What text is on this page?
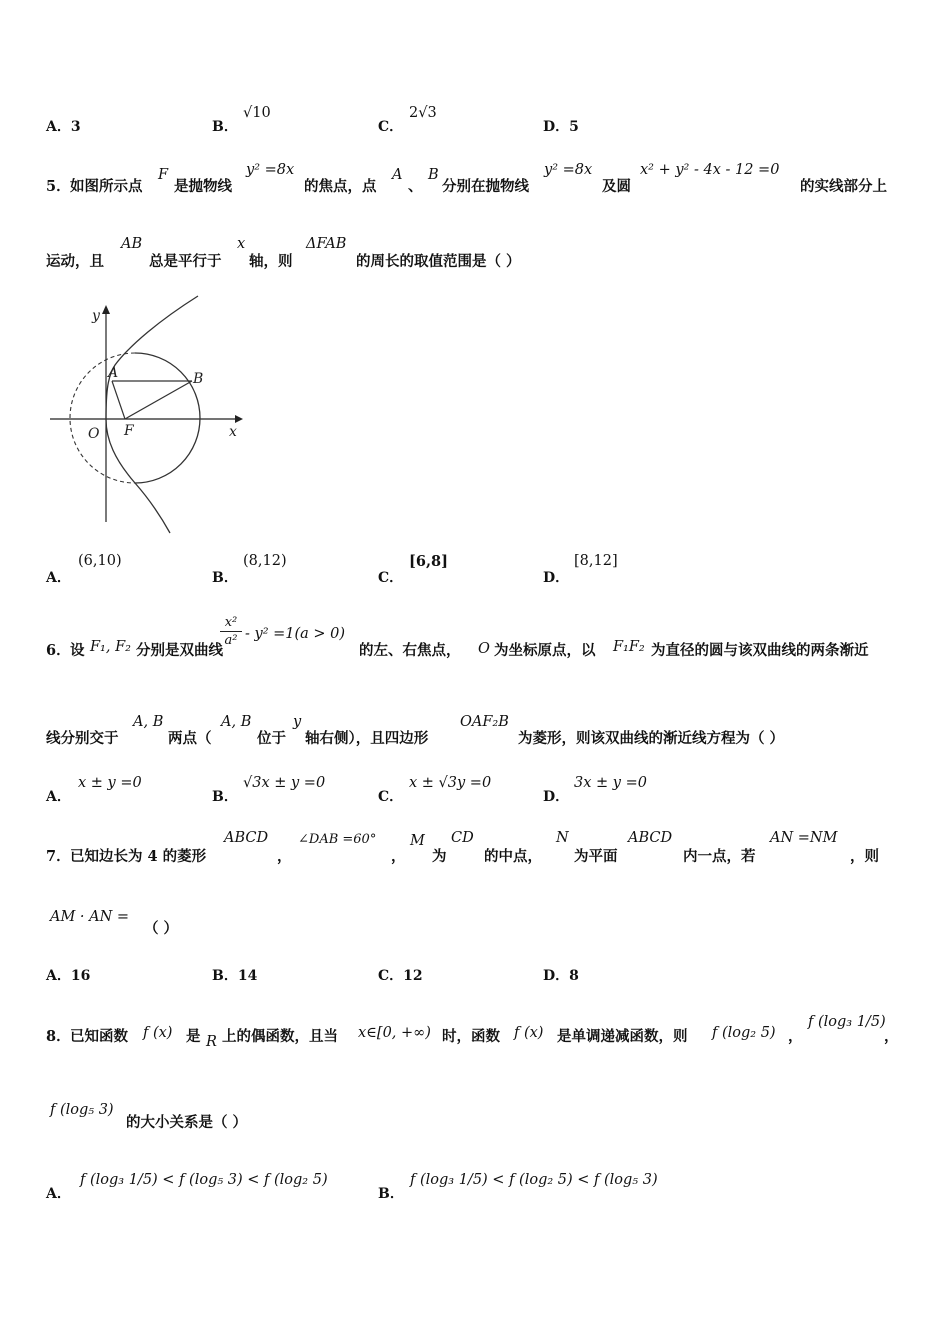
A．3	B．
√10
C．
2√3
D．5
5． 如图所示点
F
是抛物线
y² =8x
的焦点，点
A
、
B
分别在抛物线
y² =8x
及圆
x² + y² - 4x - 12 =0
的实线部分上
运动，且
AB
总是平行于
x
轴，则
ΔFAB
的周长的取值范围是（ ）
y
x
O F
A	B
A．
(6,10)
B．
(8,12)
C．
[6,8]
D．
[8,12]
6． 设 F₁, F₂ 分别是双曲线
$\frac{\text{x²}}{\text{a²}} - y^2 =1(a > 0)$
的左、右焦点， O 为坐标原点，以 F₁F₂ 为直径的圆与该双曲线的两条渐近
线分别交于
A, B
两点（
A, B
位于
y
轴右侧），且四边形
OAF₂B
为菱形，则该双曲线的渐近线方程为（ ）
A．
x ± y =0
B．
√3x ± y =0
C．
x ± √3y =0
D．
3x ± y =0
7． 已知边长为 4 的菱形
ABCD
，
∠DAB =60°
，
M
为
CD
的中点，
N
为平面
ABCD
内一点，若
AN =NM
，则
AM · AN =
（ ）
A．16	B．14	C．12	D．8
8． 已知函数 f (x) 是 R 上的偶函数，且当 x∈[0, +∞) 时，函数 f (x) 是单调递减函数，则 f (log₂ 5) ，
f (log₃ 1/5)
，
f (log₅ 3)
的大小关系是（ ）
A．
f (log₃ 1/5) < f (log₅ 3) < f (log₂ 5)
B．
f (log₃ 1/5) < f (log₂ 5) < f (log₅ 3)
